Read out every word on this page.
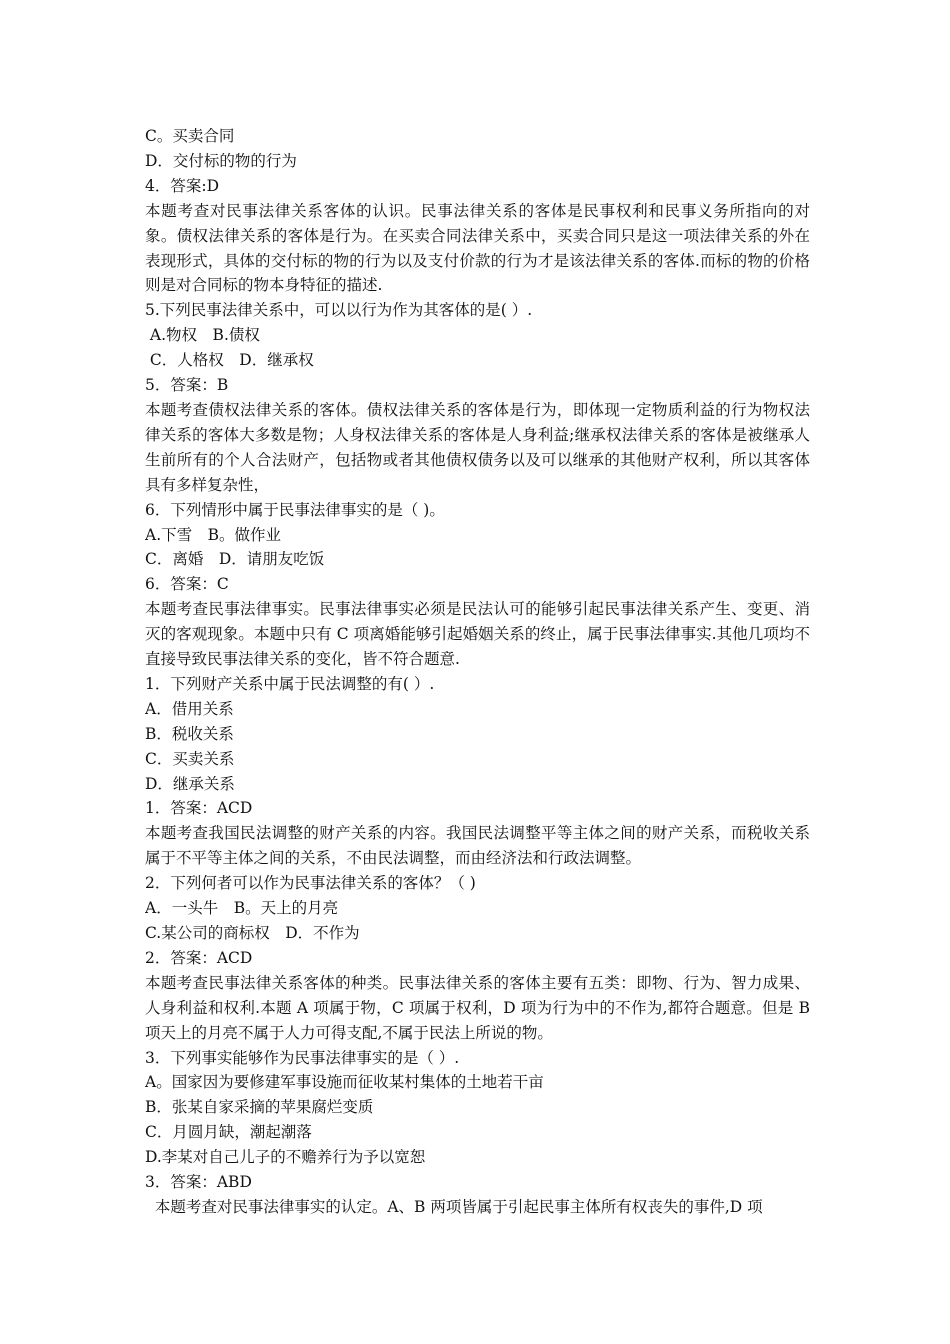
C。买卖合同
D．交付标的物的行为
4．答案:D
本题考查对民事法律关系客体的认识。民事法律关系的客体是民事权利和民事义务所指向的对象。债权法律关系的客体是行为。在买卖合同法律关系中，买卖合同只是这一项法律关系的外在表现形式，具体的交付标的物的行为以及支付价款的行为才是该法律关系的客体.而标的物的价格则是对合同标的物本身特征的描述.
5.下列民事法律关系中，可以以行为作为其客体的是( ）.
A.物权　B.债权
C．人格权　D．继承权
5．答案：B
本题考查债权法律关系的客体。债权法律关系的客体是行为，即体现一定物质利益的行为物权法律关系的客体大多数是物；人身权法律关系的客体是人身利益;继承权法律关系的客体是被继承人生前所有的个人合法财产，包括物或者其他债权债务以及可以继承的其他财产权利，所以其客体具有多样复杂性，
6．下列情形中属于民事法律事实的是（ )。
A.下雪　B。做作业
C．离婚　D．请朋友吃饭
6．答案：C
本题考查民事法律事实。民事法律事实必须是民法认可的能够引起民事法律关系产生、变更、消灭的客观现象。本题中只有 C 项离婚能够引起婚姻关系的终止，属于民事法律事实.其他几项均不直接导致民事法律关系的变化，皆不符合题意.
1．下列财产关系中属于民法调整的有( ）.
A．借用关系
B．税收关系
C．买卖关系
D．继承关系
1．答案：ACD
本题考查我国民法调整的财产关系的内容。我国民法调整平等主体之间的财产关系，而税收关系属于不平等主体之间的关系，不由民法调整，而由经济法和行政法调整。
2．下列何者可以作为民事法律关系的客体？（ )
A．一头牛　B。天上的月亮
C.某公司的商标权　D．不作为
2．答案：ACD
本题考查民事法律关系客体的种类。民事法律关系的客体主要有五类：即物、行为、智力成果、人身利益和权利.本题 A 项属于物，C 项属于权利，D 项为行为中的不作为,都符合题意。但是 B 项天上的月亮不属于人力可得支配,不属于民法上所说的物。
3．下列事实能够作为民事法律事实的是（ ）.
A。国家因为要修建军事设施而征收某村集体的土地若干亩
B．张某自家采摘的苹果腐烂变质
C．月圆月缺，潮起潮落
D.李某对自己儿子的不赡养行为予以宽恕
3．答案：ABD
本题考查对民事法律事实的认定。A、B 两项皆属于引起民事主体所有权丧失的事件,D 项
